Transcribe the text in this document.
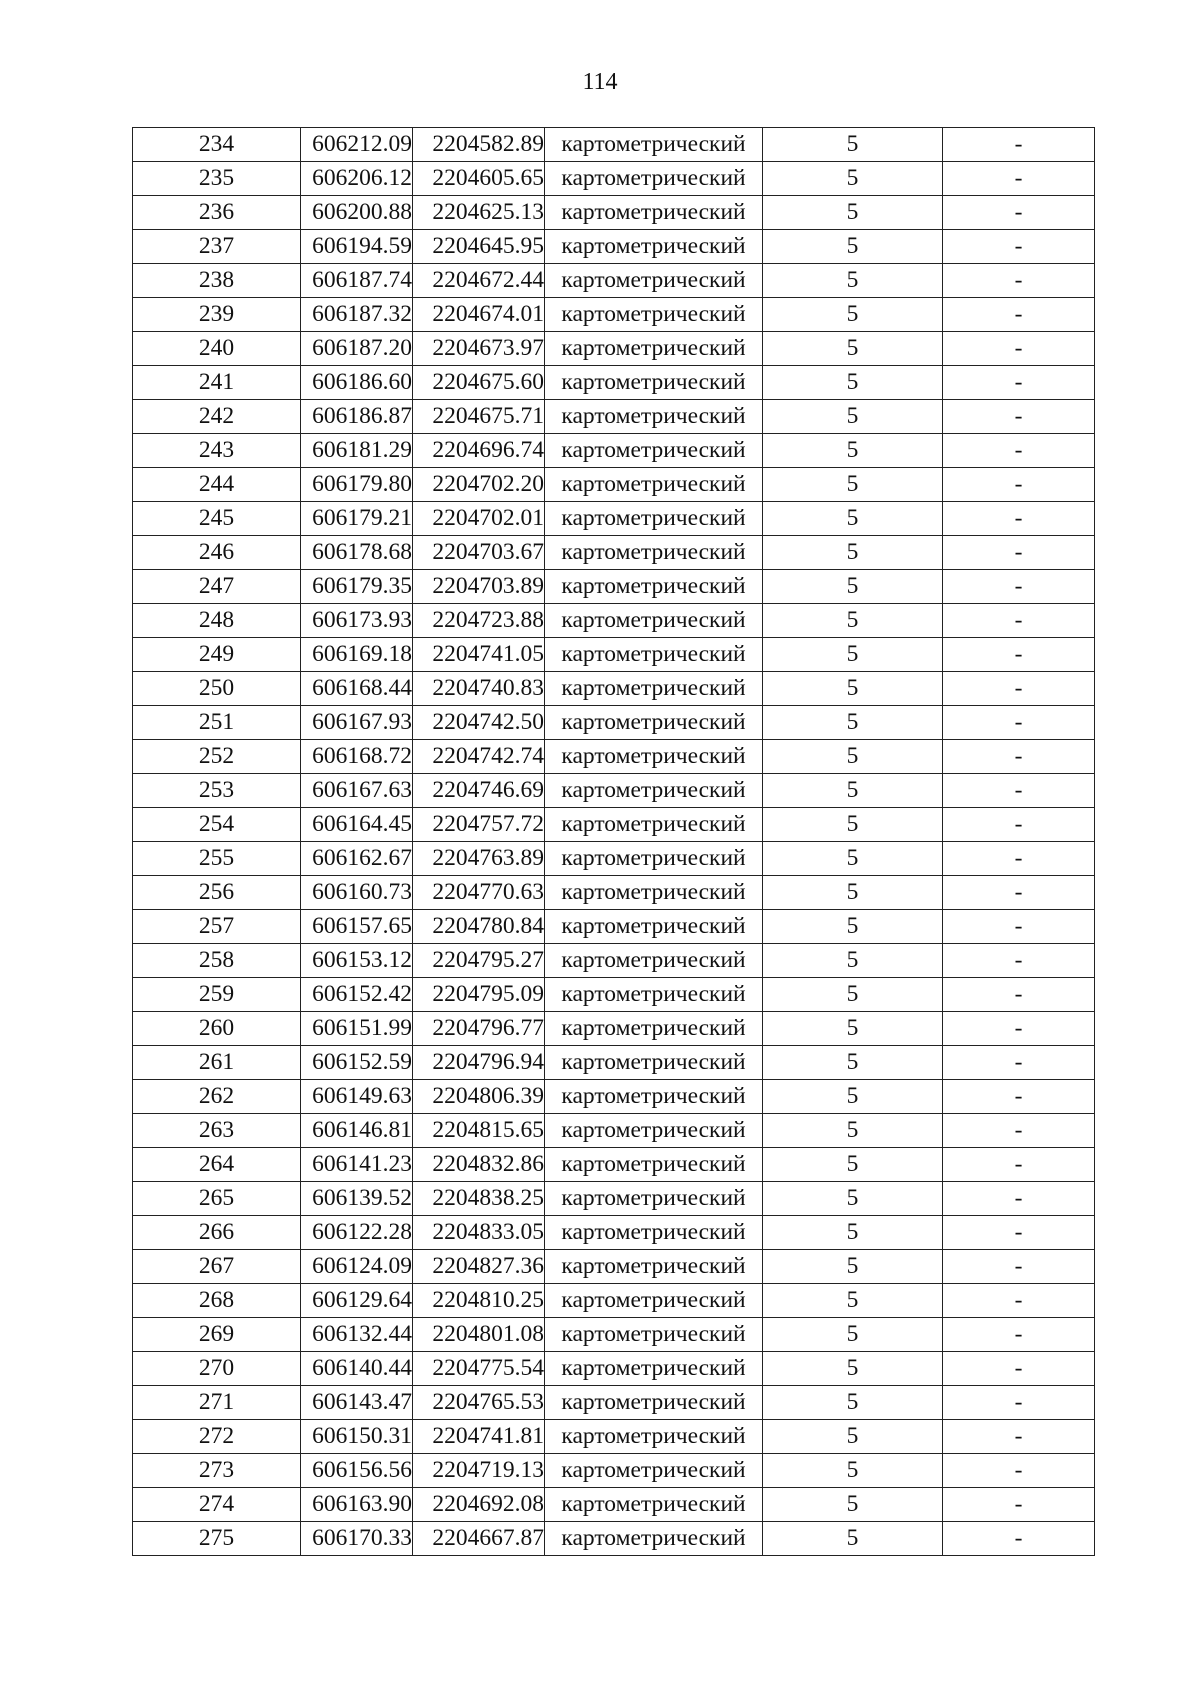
114
234	606212.09	2204582.89	картометрический	5	-
235	606206.12	2204605.65	картометрический	5	-
236	606200.88	2204625.13	картометрический	5	-
237	606194.59	2204645.95	картометрический	5	-
238	606187.74	2204672.44	картометрический	5	-
239	606187.32	2204674.01	картометрический	5	-
240	606187.20	2204673.97	картометрический	5	-
241	606186.60	2204675.60	картометрический	5	-
242	606186.87	2204675.71	картометрический	5	-
243	606181.29	2204696.74	картометрический	5	-
244	606179.80	2204702.20	картометрический	5	-
245	606179.21	2204702.01	картометрический	5	-
246	606178.68	2204703.67	картометрический	5	-
247	606179.35	2204703.89	картометрический	5	-
248	606173.93	2204723.88	картометрический	5	-
249	606169.18	2204741.05	картометрический	5	-
250	606168.44	2204740.83	картометрический	5	-
251	606167.93	2204742.50	картометрический	5	-
252	606168.72	2204742.74	картометрический	5	-
253	606167.63	2204746.69	картометрический	5	-
254	606164.45	2204757.72	картометрический	5	-
255	606162.67	2204763.89	картометрический	5	-
256	606160.73	2204770.63	картометрический	5	-
257	606157.65	2204780.84	картометрический	5	-
258	606153.12	2204795.27	картометрический	5	-
259	606152.42	2204795.09	картометрический	5	-
260	606151.99	2204796.77	картометрический	5	-
261	606152.59	2204796.94	картометрический	5	-
262	606149.63	2204806.39	картометрический	5	-
263	606146.81	2204815.65	картометрический	5	-
264	606141.23	2204832.86	картометрический	5	-
265	606139.52	2204838.25	картометрический	5	-
266	606122.28	2204833.05	картометрический	5	-
267	606124.09	2204827.36	картометрический	5	-
268	606129.64	2204810.25	картометрический	5	-
269	606132.44	2204801.08	картометрический	5	-
270	606140.44	2204775.54	картометрический	5	-
271	606143.47	2204765.53	картометрический	5	-
272	606150.31	2204741.81	картометрический	5	-
273	606156.56	2204719.13	картометрический	5	-
274	606163.90	2204692.08	картометрический	5	-
275	606170.33	2204667.87	картометрический	5	-
